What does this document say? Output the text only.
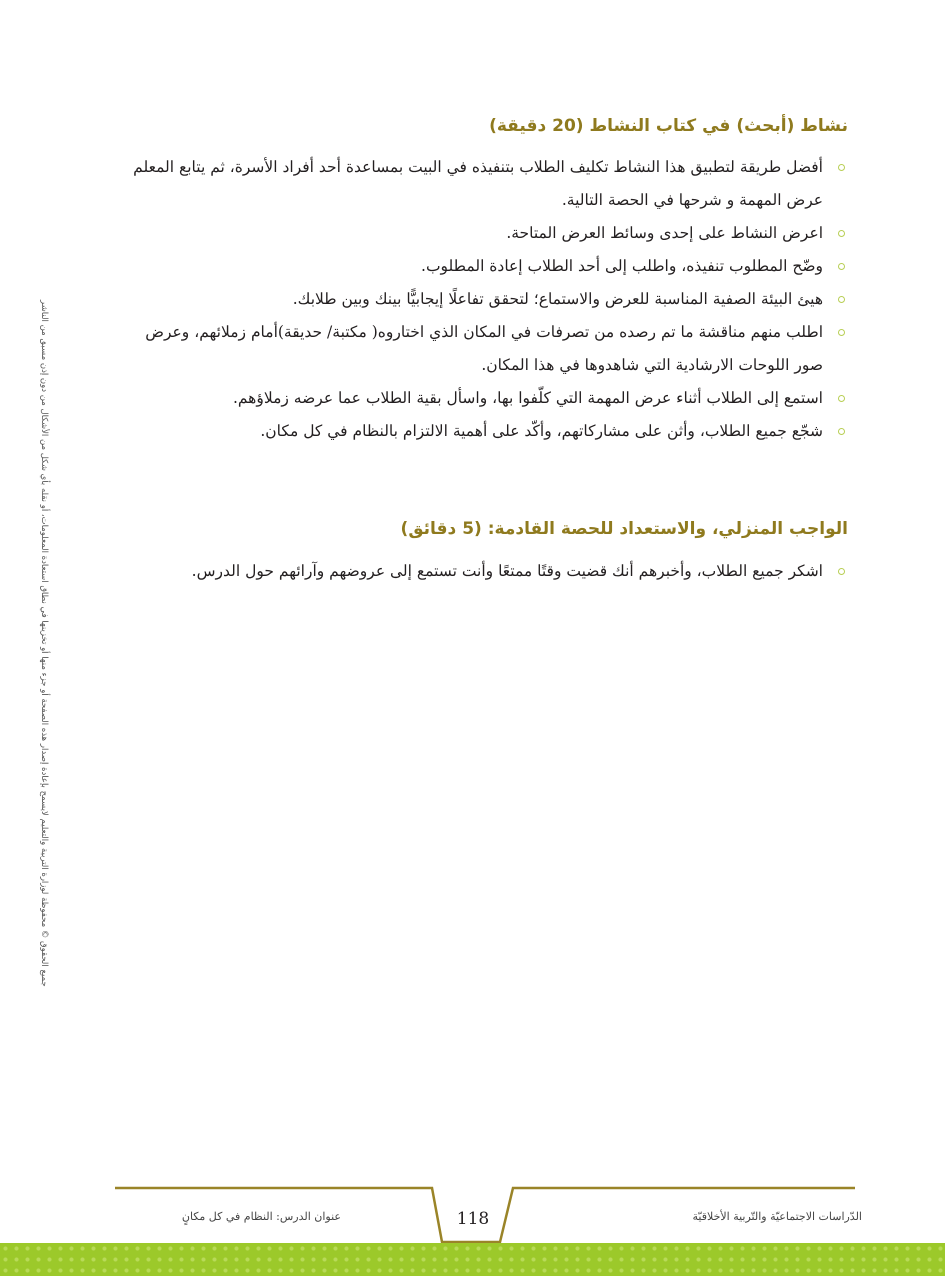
نشاط (أبحث) في كتاب النشاط (20 دقيقة)
أفضل طريقة لتطبيق هذا النشاط تكليف الطلاب بتنفيذه في البيت بمساعدة أحد أفراد الأسرة، ثم يتابع المعلم عرض المهمة و شرحها في الحصة التالية.
اعرض النشاط على إحدى وسائط العرض المتاحة.
وضّح المطلوب تنفيذه، واطلب إلى أحد الطلاب إعادة المطلوب.
هيئ البيئة الصفية المناسبة للعرض والاستماع؛ لتحقق تفاعلًا إيجابيًّا بينك وبين طلابك.
اطلب منهم مناقشة ما تم رصده من تصرفات في المكان الذي اختاروه( مكتبة/ حديقة)أمام زملائهم، وعرض صور اللوحات الارشادية التي شاهدوها في هذا المكان.
استمع إلى الطلاب أثناء عرض المهمة التي كلّفوا بها، واسأل بقية الطلاب عما عرضه زملاؤهم.
شجّع جميع الطلاب، وأثن على مشاركاتهم، وأكّد على أهمية الالتزام بالنظام في كل مكان.
الواجب المنزلي، والاستعداد للحصة القادمة: (5 دقائق)
اشكر جميع الطلاب، وأخبرهم أنك قضيت وقتًا ممتعًا وأنت تستمع إلى عروضهم وآرائهم حول الدرس.
جميع الحقوق © محفوظة لوزارة التربية والتعليم لايسمح بإعادة إصدار هذه الصفحة أو جزء منها أو تخزينها في نطاق استعادة المعلومات، أو نقله بأي شكل من الأشكال من دون إذن مسبق من الناشر
118
عنوان الدرس: النظام في كل مكانٍ	الدّراسات الاجتماعيّة والتّربية الأخلاقيّة
